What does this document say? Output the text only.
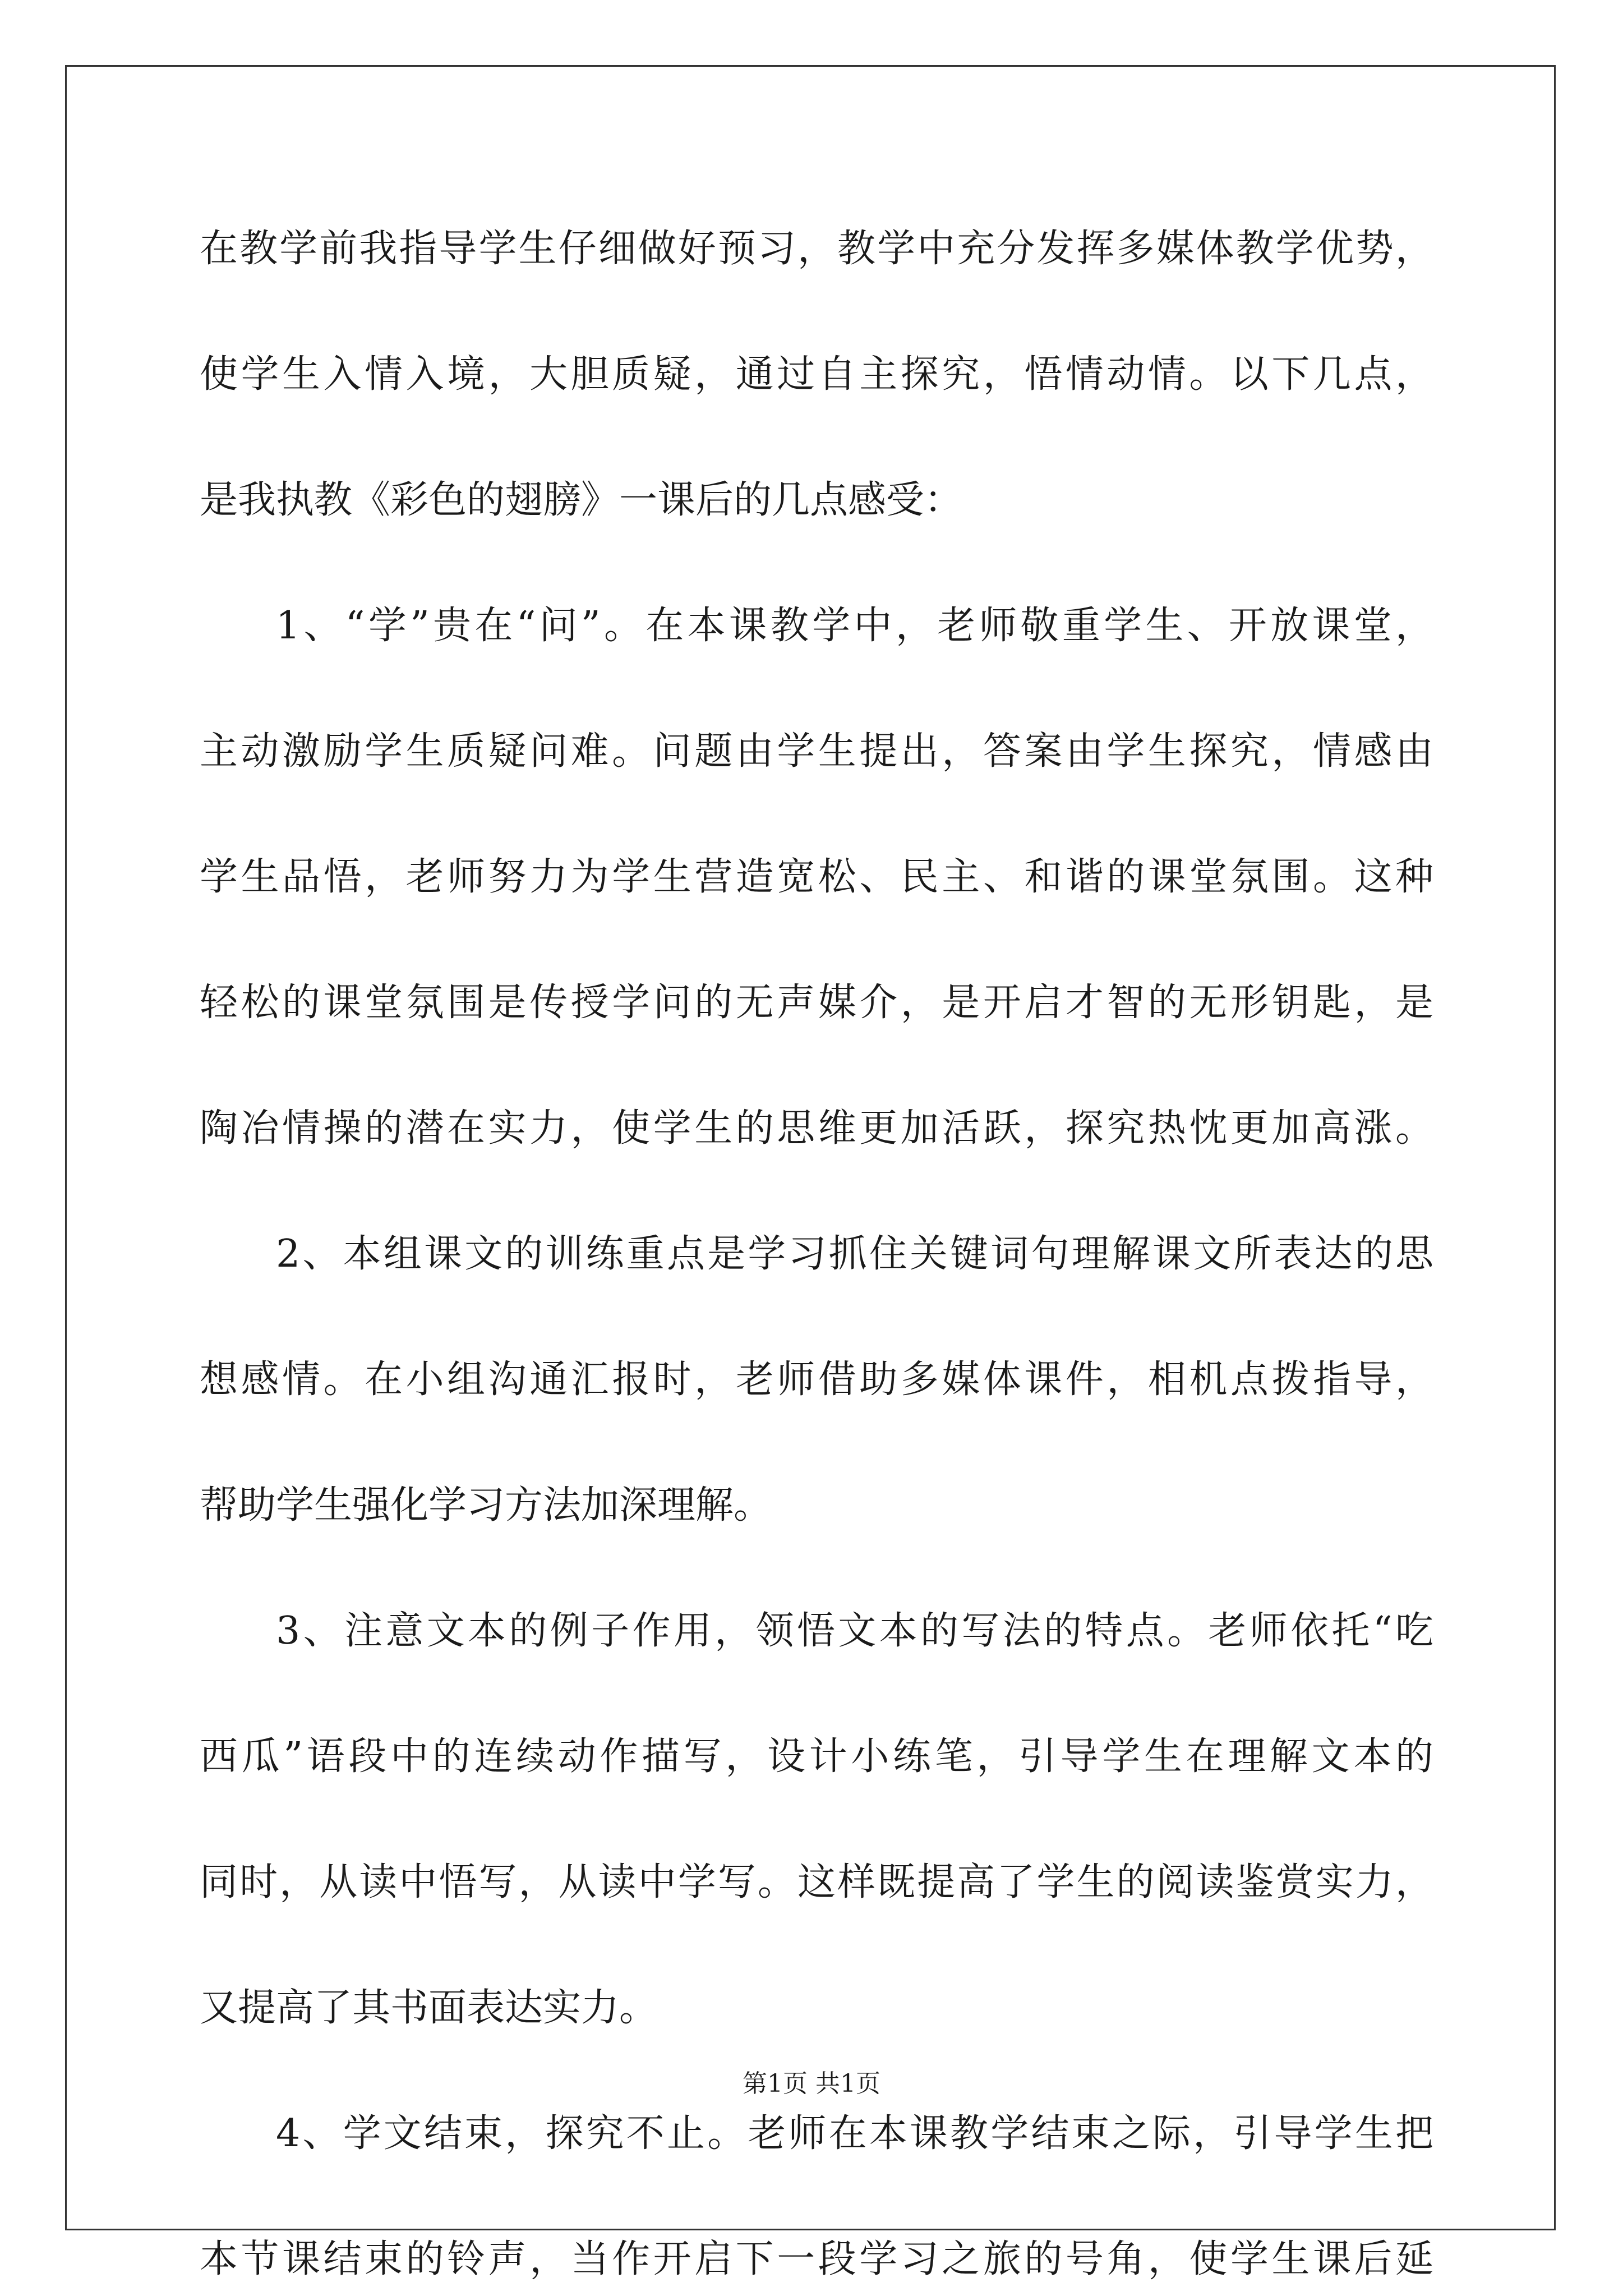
在教学前我指导学生仔细做好预习，教学中充分发挥多媒体教学优势，
使学生入情入境，大胆质疑，通过自主探究，悟情动情。以下几点，
是我执教《彩色的翅膀》一课后的几点感受：
1、“学”贵在“问”。在本课教学中，老师敬重学生、开放课堂，
主动激励学生质疑问难。问题由学生提出，答案由学生探究，情感由
学生品悟，老师努力为学生营造宽松、民主、和谐的课堂氛围。这种
轻松的课堂氛围是传授学问的无声媒介，是开启才智的无形钥匙，是
陶冶情操的潜在实力，使学生的思维更加活跃，探究热忱更加高涨。
2、本组课文的训练重点是学习抓住关键词句理解课文所表达的思
想感情。在小组沟通汇报时，老师借助多媒体课件，相机点拨指导，
帮助学生强化学习方法加深理解。
3、注意文本的例子作用，领悟文本的写法的特点。老师依托“吃
西瓜”语段中的连续动作描写，设计小练笔，引导学生在理解文本的
同时，从读中悟写，从读中学写。这样既提高了学生的阅读鉴赏实力，
又提高了其书面表达实力。
4、学文结束，探究不止。老师在本课教学结束之际，引导学生把
本节课结束的铃声，当作开启下一段学习之旅的号角，使学生课后延
第1页 共1页
